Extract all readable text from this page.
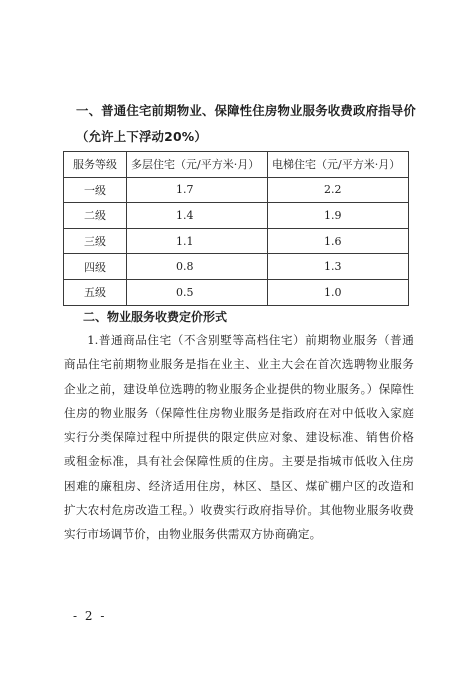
一、普通住宅前期物业、保障性住房物业服务收费政府指导价（允许上下浮动20%）
服务等级	多层住宅（元/平方米·月）	电梯住宅（元/平方米·月）
一级	1.7	2.2
二级	1.4	1.9
三级	1.1	1.6
四级	0.8	1.3
五级	0.5	1.0
二、物业服务收费定价形式
1.普通商品住宅（不含别墅等高档住宅）前期物业服务（普通商品住宅前期物业服务是指在业主、业主大会在首次选聘物业服务企业之前，建设单位选聘的物业服务企业提供的物业服务。）保障性住房的物业服务（保障性住房物业服务是指政府在对中低收入家庭实行分类保障过程中所提供的限定供应对象、建设标准、销售价格或租金标准，具有社会保障性质的住房。主要是指城市低收入住房困难的廉租房、经济适用住房，林区、垦区、煤矿棚户区的改造和扩大农村危房改造工程。）收费实行政府指导价。其他物业服务收费实行市场调节价，由物业服务供需双方协商确定。
- 2 -
